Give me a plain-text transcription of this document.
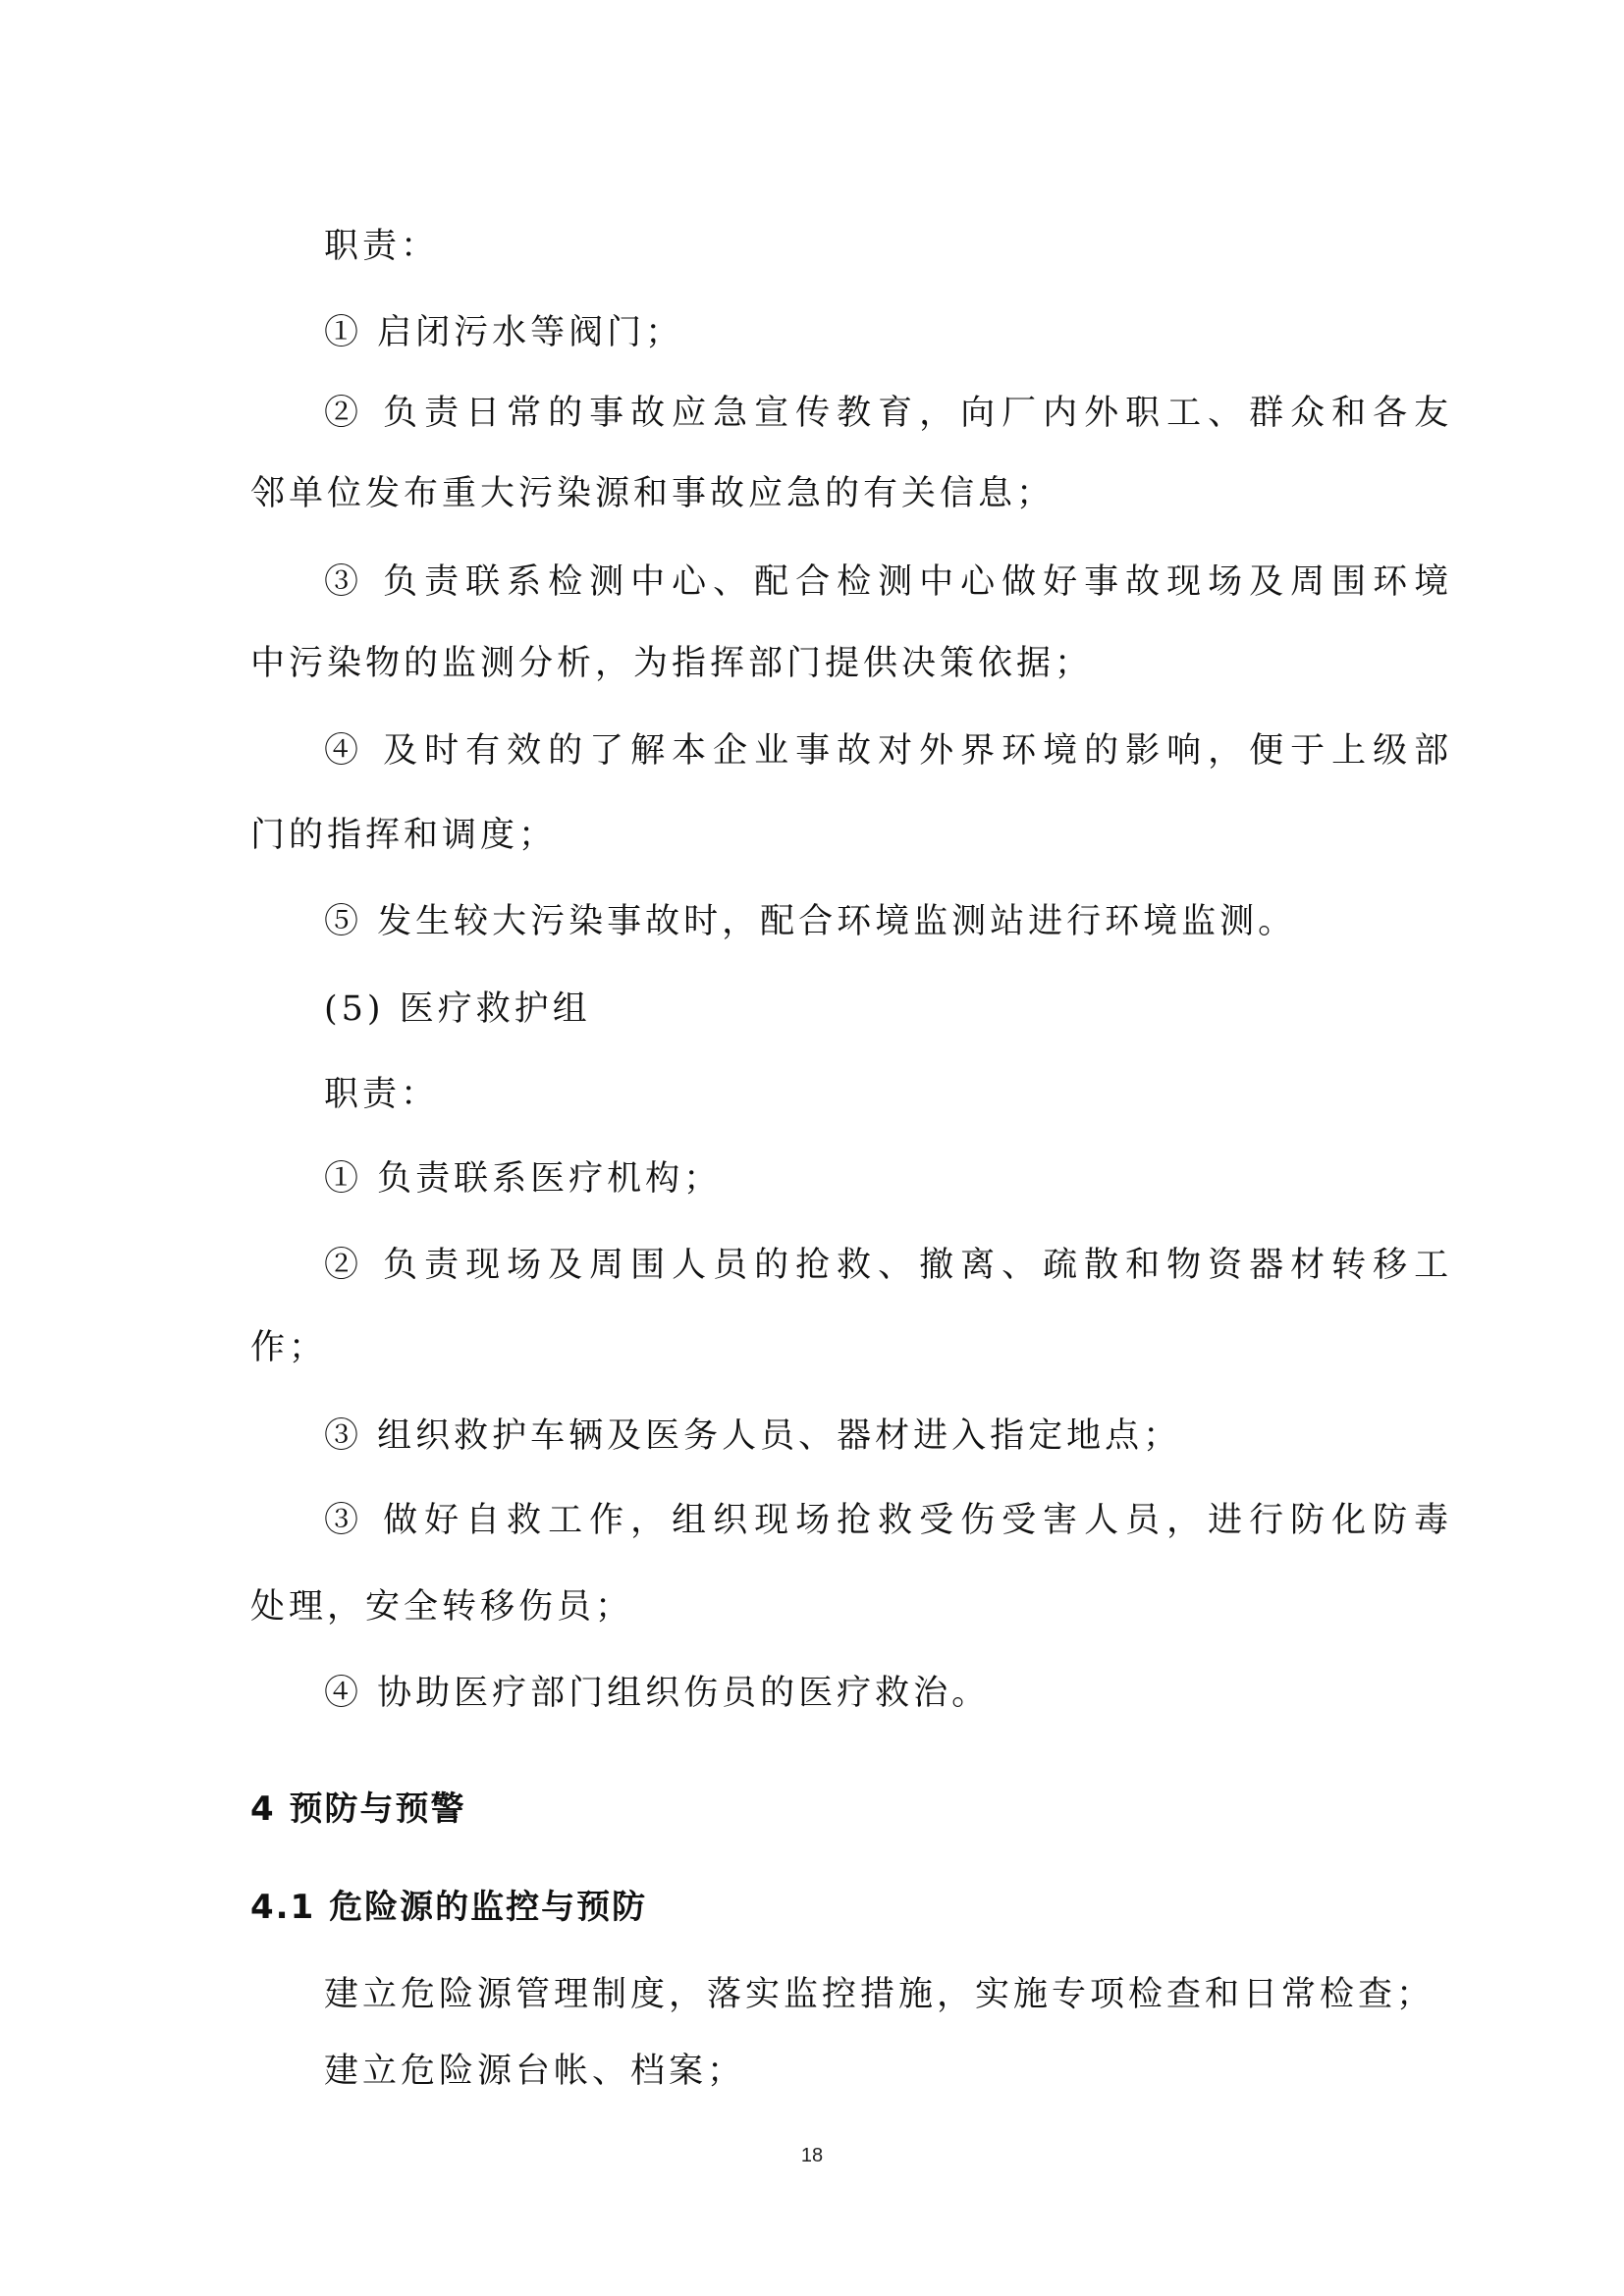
职责：
① 启闭污水等阀门；
② 负责日常的事故应急宣传教育，向厂内外职工、群众和各友
邻单位发布重大污染源和事故应急的有关信息；
③ 负责联系检测中心、配合检测中心做好事故现场及周围环境
中污染物的监测分析，为指挥部门提供决策依据；
④ 及时有效的了解本企业事故对外界环境的影响，便于上级部
门的指挥和调度；
⑤ 发生较大污染事故时，配合环境监测站进行环境监测。
(5) 医疗救护组
职责：
① 负责联系医疗机构；
② 负责现场及周围人员的抢救、撤离、疏散和物资器材转移工
作；
③ 组织救护车辆及医务人员、器材进入指定地点；
③ 做好自救工作，组织现场抢救受伤受害人员，进行防化防毒
处理，安全转移伤员；
④ 协助医疗部门组织伤员的医疗救治。
4 预防与预警
4.1 危险源的监控与预防
建立危险源管理制度，落实监控措施，实施专项检查和日常检查；
建立危险源台帐、档案；
18
